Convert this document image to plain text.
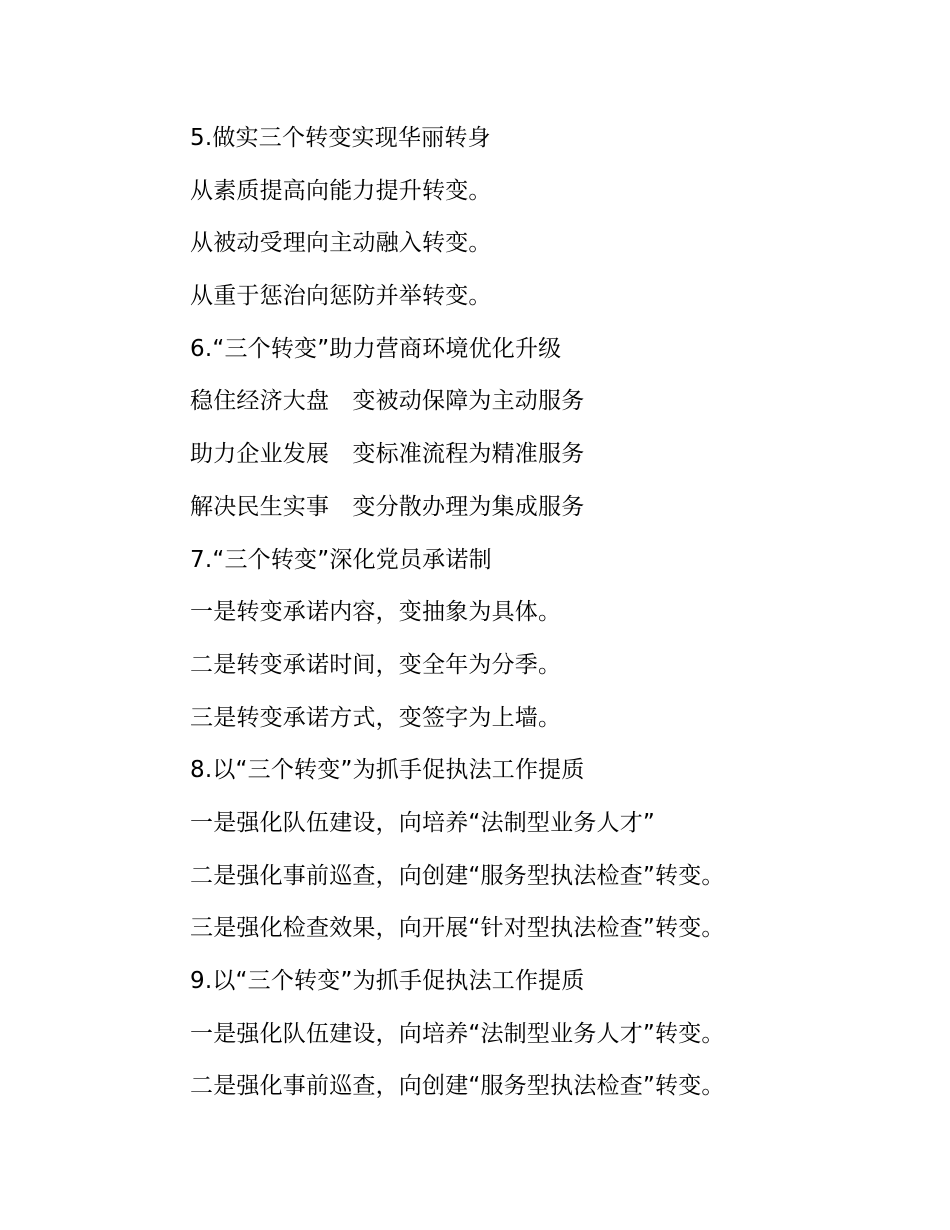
5.做实三个转变实现华丽转身
从素质提高向能力提升转变。
从被动受理向主动融入转变。
从重于惩治向惩防并举转变。
6.“三个转变”助力营商环境优化升级
稳住经济大盘　变被动保障为主动服务
助力企业发展　变标准流程为精准服务
解决民生实事　变分散办理为集成服务
7.“三个转变”深化党员承诺制
一是转变承诺内容，变抽象为具体。
二是转变承诺时间，变全年为分季。
三是转变承诺方式，变签字为上墙。
8.以“三个转变”为抓手促执法工作提质
一是强化队伍建设，向培养“法制型业务人才”
二是强化事前巡查，向创建“服务型执法检查”转变。
三是强化检查效果，向开展“针对型执法检查”转变。
9.以“三个转变”为抓手促执法工作提质
一是强化队伍建设，向培养“法制型业务人才”转变。
二是强化事前巡查，向创建“服务型执法检查”转变。
